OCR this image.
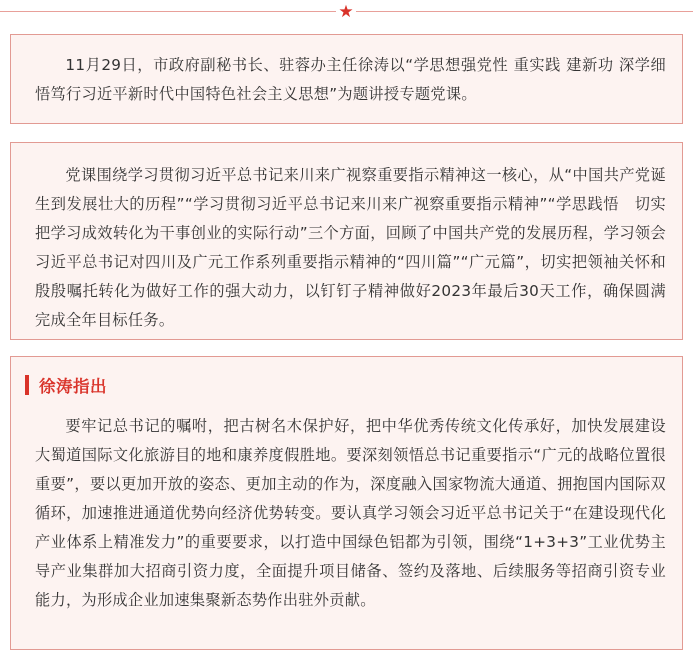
★

11月29日，市政府副秘书长、驻蓉办主任徐涛以“学思想强党性 重实践 建新功 深学细悟笃行习近平新时代中国特色社会主义思想”为题讲授专题党课。

党课围绕学习贯彻习近平总书记来川来广视察重要指示精神这一核心，从“中国共产党诞生到发展壮大的历程”“学习贯彻习近平总书记来川来广视察重要指示精神”“学思践悟　切实把学习成效转化为干事创业的实际行动”三个方面，回顾了中国共产党的发展历程，学习领会习近平总书记对四川及广元工作系列重要指示精神的“四川篇”“广元篇”，切实把领袖关怀和殷殷嘱托转化为做好工作的强大动力，以钉钉子精神做好2023年最后30天工作，确保圆满完成全年目标任务。

徐涛指出

要牢记总书记的嘱咐，把古树名木保护好，把中华优秀传统文化传承好，加快发展建设大蜀道国际文化旅游目的地和康养度假胜地。要深刻领悟总书记重要指示“广元的战略位置很重要”，要以更加开放的姿态、更加主动的作为，深度融入国家物流大通道、拥抱国内国际双循环，加速推进通道优势向经济优势转变。要认真学习领会习近平总书记关于“在建设现代化产业体系上精准发力”的重要要求，以打造中国绿色铝都为引领，围绕“1+3+3”工业优势主导产业集群加大招商引资力度，全面提升项目储备、签约及落地、后续服务等招商引资专业能力，为形成企业加速集聚新态势作出驻外贡献。
